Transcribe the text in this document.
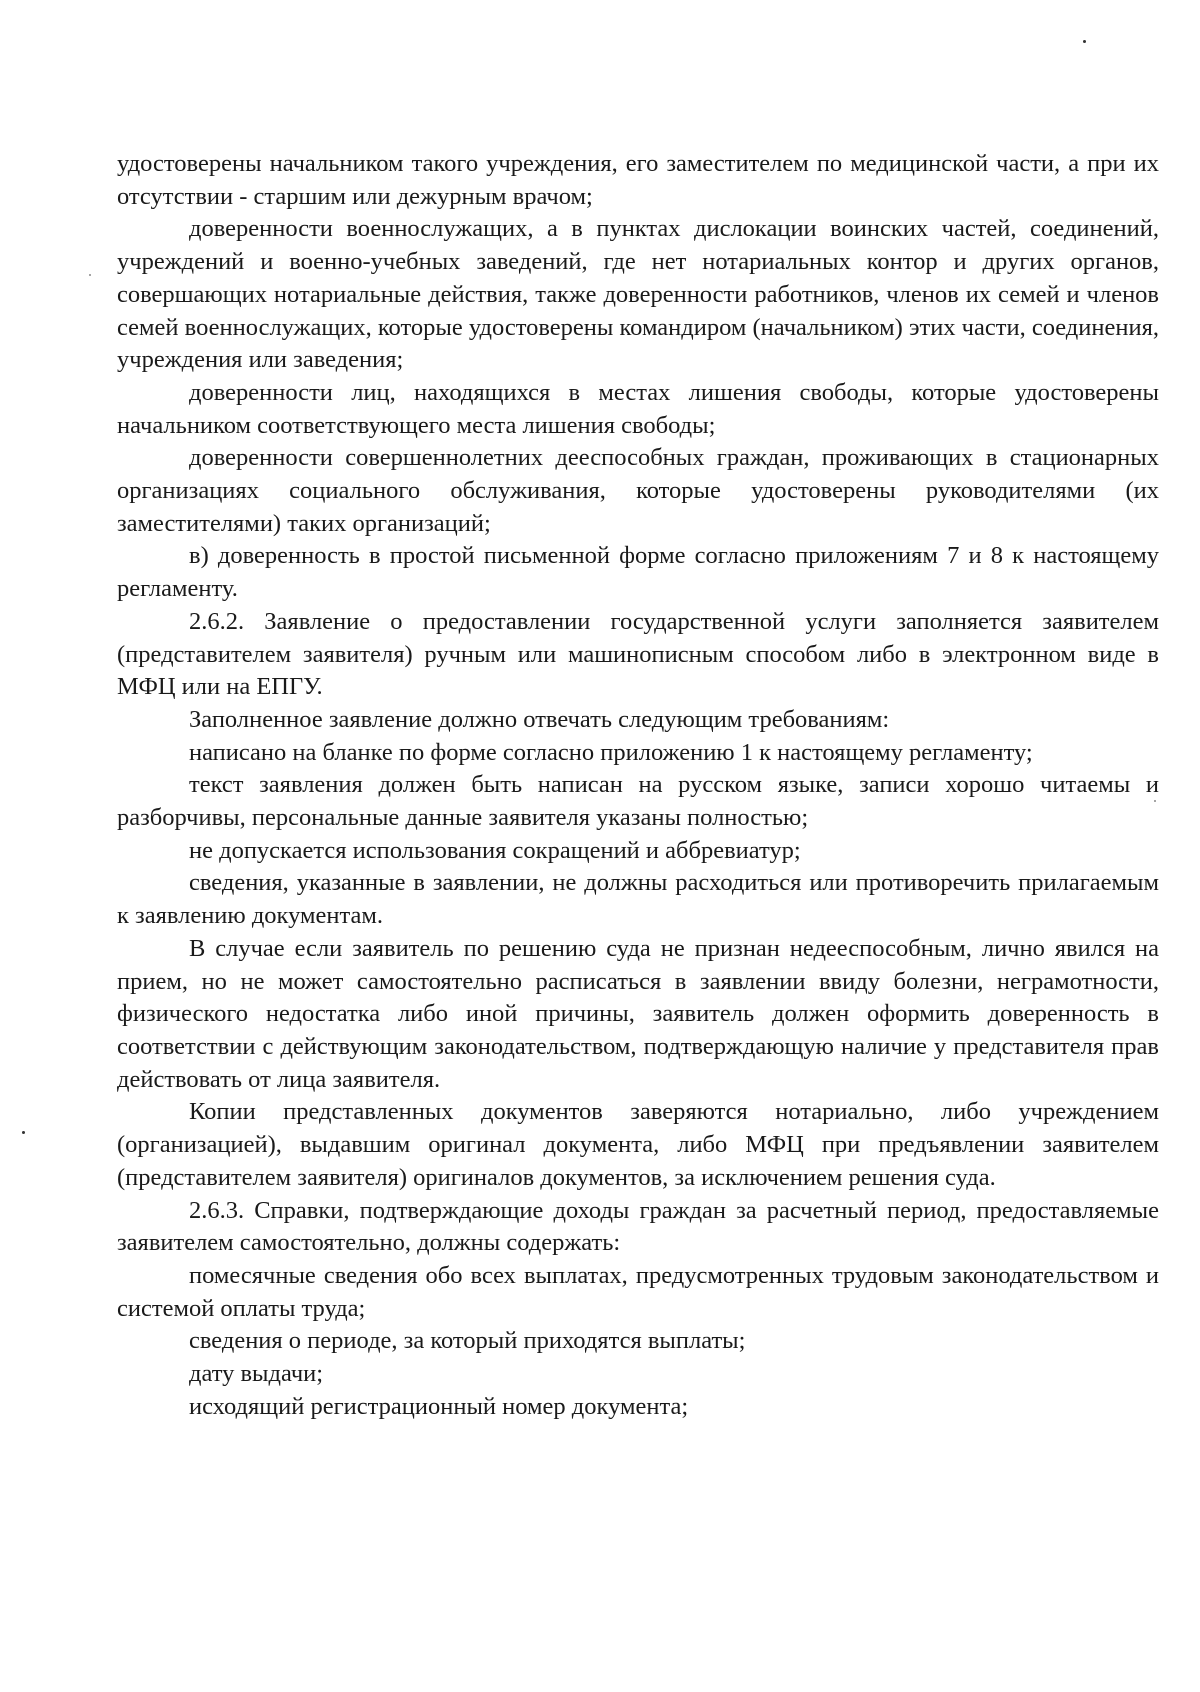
удостоверены начальником такого учреждения, его заместителем по медицинской части, а при их отсутствии - старшим или дежурным врачом;

доверенности военнослужащих, а в пунктах дислокации воинских частей, соединений, учреждений и военно-учебных заведений, где нет нотариальных контор и других органов, совершающих нотариальные действия, также доверенности работников, членов их семей и членов семей военнослужащих, которые удостоверены командиром (начальником) этих части, соединения, учреждения или заведения;

доверенности лиц, находящихся в местах лишения свободы, которые удостоверены начальником соответствующего места лишения свободы;

доверенности совершеннолетних дееспособных граждан, проживающих в стационарных организациях социального обслуживания, которые удостоверены руководителями (их заместителями) таких организаций;

в) доверенность в простой письменной форме согласно приложениям 7 и 8 к настоящему регламенту.

2.6.2. Заявление о предоставлении государственной услуги заполняется заявителем (представителем заявителя) ручным или машинописным способом либо в электронном виде в МФЦ или на ЕПГУ.

Заполненное заявление должно отвечать следующим требованиям:

написано на бланке по форме согласно приложению 1 к настоящему регламенту;

текст заявления должен быть написан на русском языке, записи хорошо читаемы и разборчивы, персональные данные заявителя указаны полностью;

не допускается использования сокращений и аббревиатур;

сведения, указанные в заявлении, не должны расходиться или противоречить прилагаемым к заявлению документам.

В случае если заявитель по решению суда не признан недееспособным, лично явился на прием, но не может самостоятельно расписаться в заявлении ввиду болезни, неграмотности, физического недостатка либо иной причины, заявитель должен оформить доверенность в соответствии с действующим законодательством, подтверждающую наличие у представителя прав действовать от лица заявителя.

Копии представленных документов заверяются нотариально, либо учреждением (организацией), выдавшим оригинал документа, либо МФЦ при предъявлении заявителем (представителем заявителя) оригиналов документов, за исключением решения суда.

2.6.3. Справки, подтверждающие доходы граждан за расчетный период, предоставляемые заявителем самостоятельно, должны содержать:

помесячные сведения обо всех выплатах, предусмотренных трудовым законодательством и системой оплаты труда;

сведения о периоде, за который приходятся выплаты;

дату выдачи;

исходящий регистрационный номер документа;
